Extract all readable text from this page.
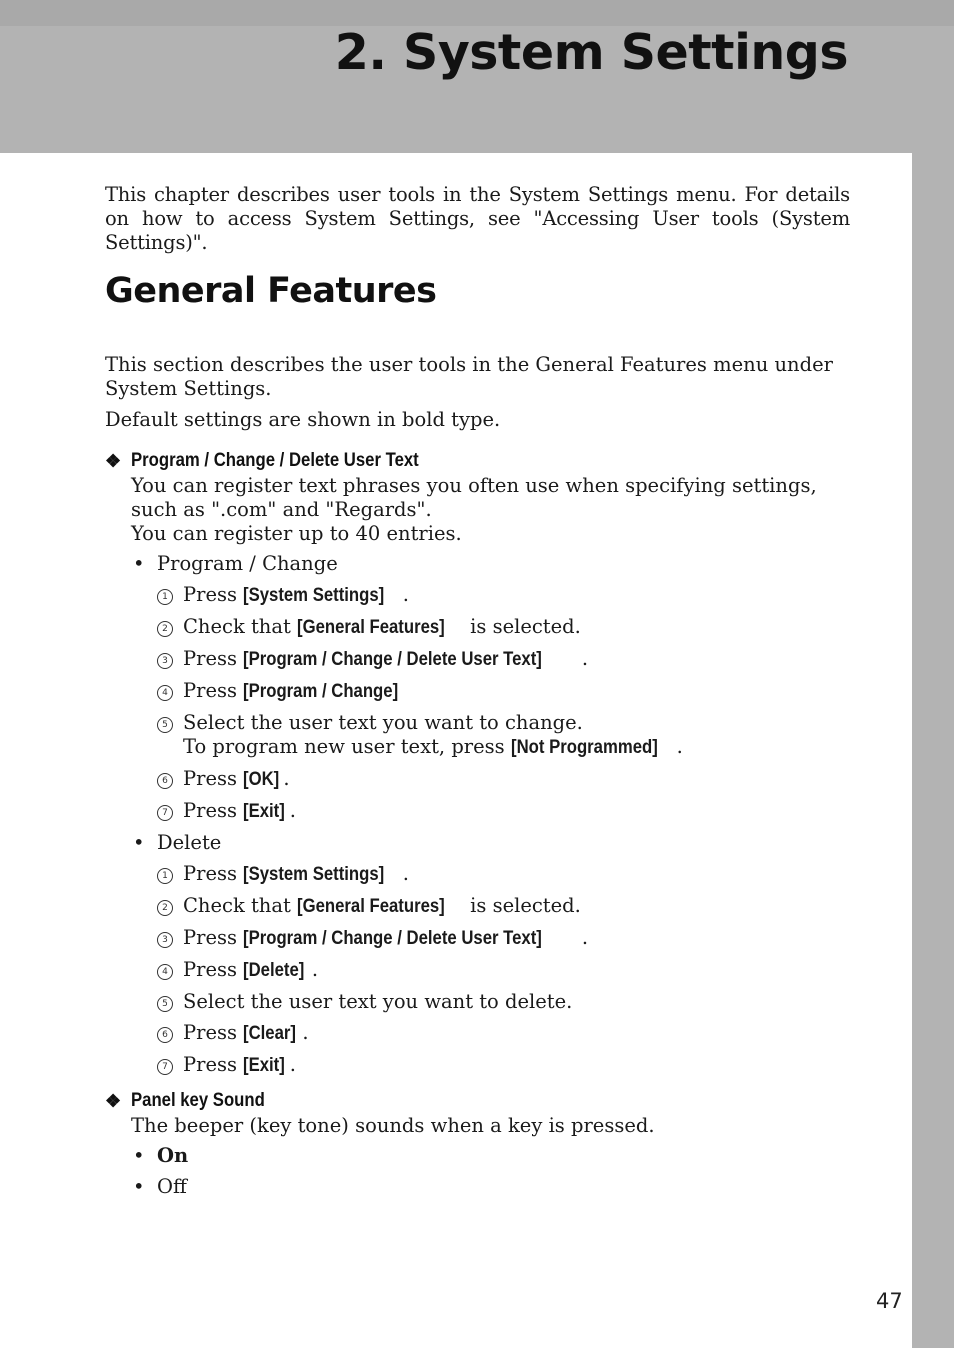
2. System Settings

This chapter describes user tools in the System Settings menu. For details on how to access System Settings, see "Accessing User tools (System Settings)".

General Features

This section describes the user tools in the General Features menu under System Settings.

Default settings are shown in bold type.

❖ Program / Change / Delete User Text

You can register text phrases you often use when specifying settings, such as ".com" and "Regards".

You can register up to 40 entries.

• Program / Change
1 Press [System Settings] .
2 Check that [General Features] is selected.
3 Press [Program / Change / Delete User Text] .
4 Press [Program / Change]
5 Select the user text you want to change.
To program new user text, press [Not Programmed] .
6 Press [OK] .
7 Press [Exit] .
• Delete
1 Press [System Settings] .
2 Check that [General Features] is selected.
3 Press [Program / Change / Delete User Text] .
4 Press [Delete] .
5 Select the user text you want to delete.
6 Press [Clear] .
7 Press [Exit] .
❖ Panel key Sound

The beeper (key tone) sounds when a key is pressed.

• On
• Off
47
